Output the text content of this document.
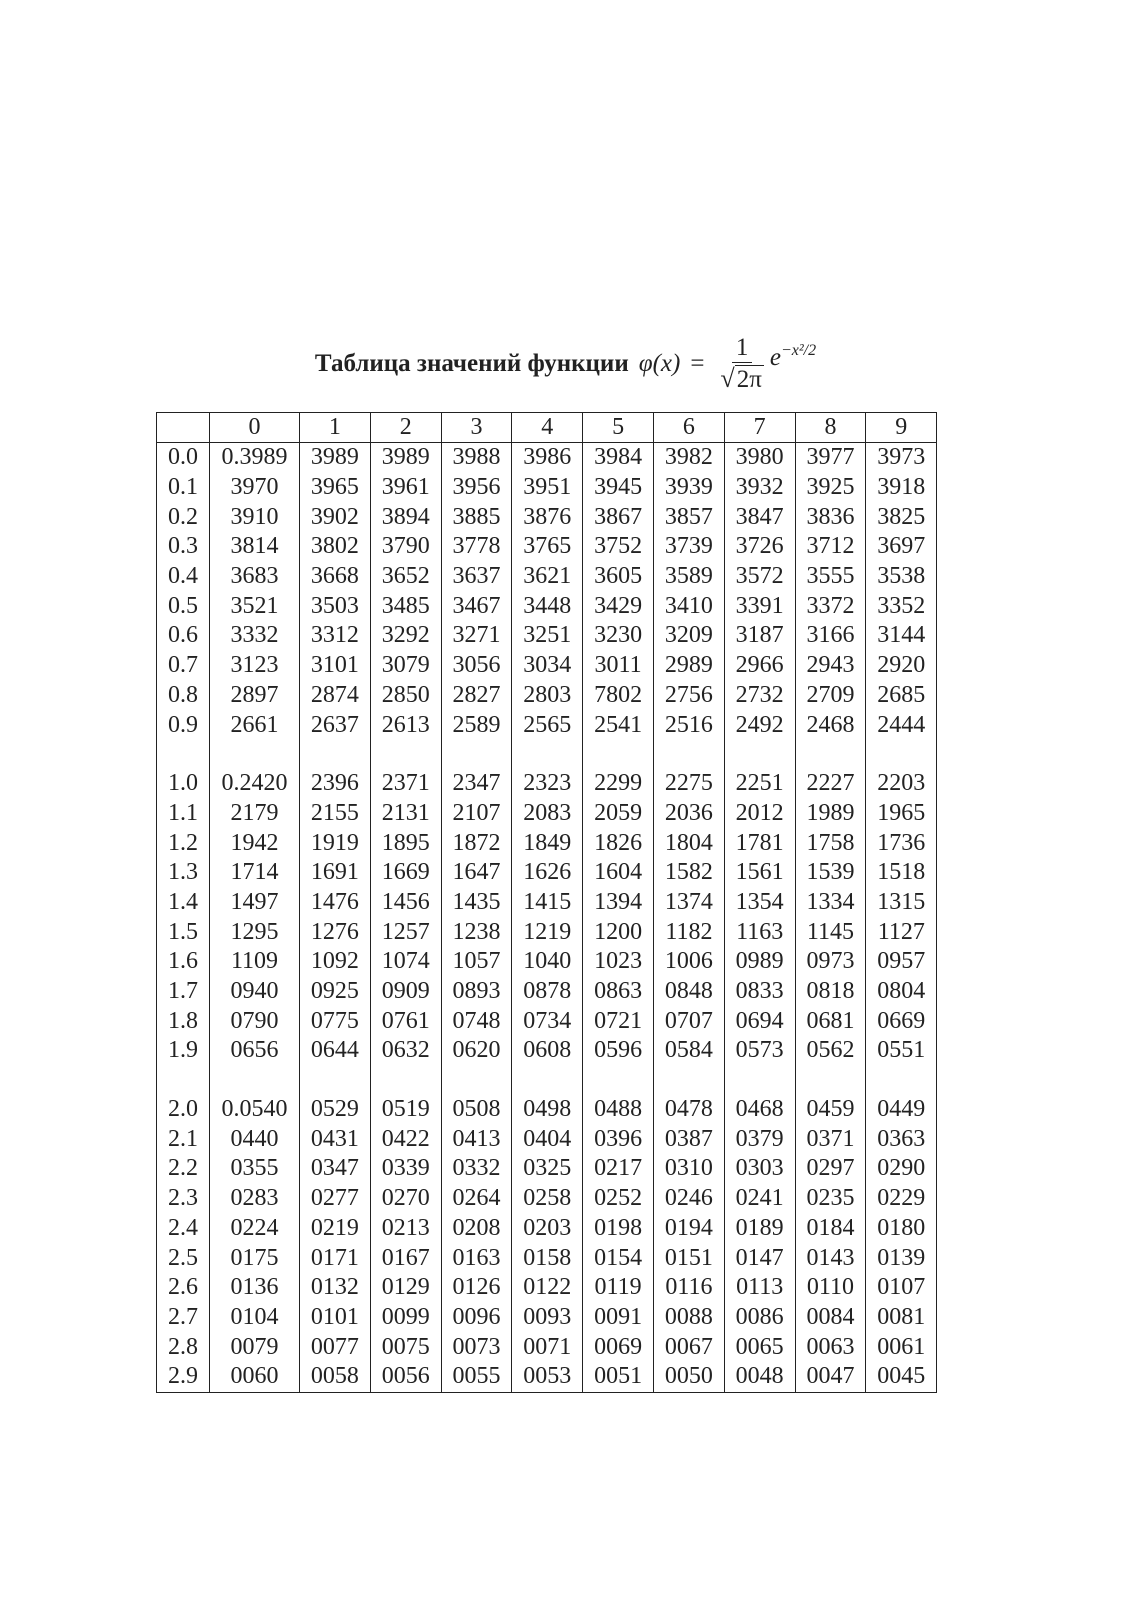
Таблица значений функции $\varphi(x) = \frac{1}{√ 2\pi} e^{-x^2/2}$
	0	1	2	3	4	5	6	7	8	9
0.0	0.3989	3989	3989	3988	3986	3984	3982	3980	3977	3973
0.1	3970	3965	3961	3956	3951	3945	3939	3932	3925	3918
0.2	3910	3902	3894	3885	3876	3867	3857	3847	3836	3825
0.3	3814	3802	3790	3778	3765	3752	3739	3726	3712	3697
0.4	3683	3668	3652	3637	3621	3605	3589	3572	3555	3538
0.5	3521	3503	3485	3467	3448	3429	3410	3391	3372	3352
0.6	3332	3312	3292	3271	3251	3230	3209	3187	3166	3144
0.7	3123	3101	3079	3056	3034	3011	2989	2966	2943	2920
0.8	2897	2874	2850	2827	2803	7802	2756	2732	2709	2685
0.9	2661	2637	2613	2589	2565	2541	2516	2492	2468	2444

1.0	0.2420	2396	2371	2347	2323	2299	2275	2251	2227	2203
1.1	2179	2155	2131	2107	2083	2059	2036	2012	1989	1965
1.2	1942	1919	1895	1872	1849	1826	1804	1781	1758	1736
1.3	1714	1691	1669	1647	1626	1604	1582	1561	1539	1518
1.4	1497	1476	1456	1435	1415	1394	1374	1354	1334	1315
1.5	1295	1276	1257	1238	1219	1200	1182	1163	1145	1127
1.6	1109	1092	1074	1057	1040	1023	1006	0989	0973	0957
1.7	0940	0925	0909	0893	0878	0863	0848	0833	0818	0804
1.8	0790	0775	0761	0748	0734	0721	0707	0694	0681	0669
1.9	0656	0644	0632	0620	0608	0596	0584	0573	0562	0551

2.0	0.0540	0529	0519	0508	0498	0488	0478	0468	0459	0449
2.1	0440	0431	0422	0413	0404	0396	0387	0379	0371	0363
2.2	0355	0347	0339	0332	0325	0217	0310	0303	0297	0290
2.3	0283	0277	0270	0264	0258	0252	0246	0241	0235	0229
2.4	0224	0219	0213	0208	0203	0198	0194	0189	0184	0180
2.5	0175	0171	0167	0163	0158	0154	0151	0147	0143	0139
2.6	0136	0132	0129	0126	0122	0119	0116	0113	0110	0107
2.7	0104	0101	0099	0096	0093	0091	0088	0086	0084	0081
2.8	0079	0077	0075	0073	0071	0069	0067	0065	0063	0061
2.9	0060	0058	0056	0055	0053	0051	0050	0048	0047	0045
